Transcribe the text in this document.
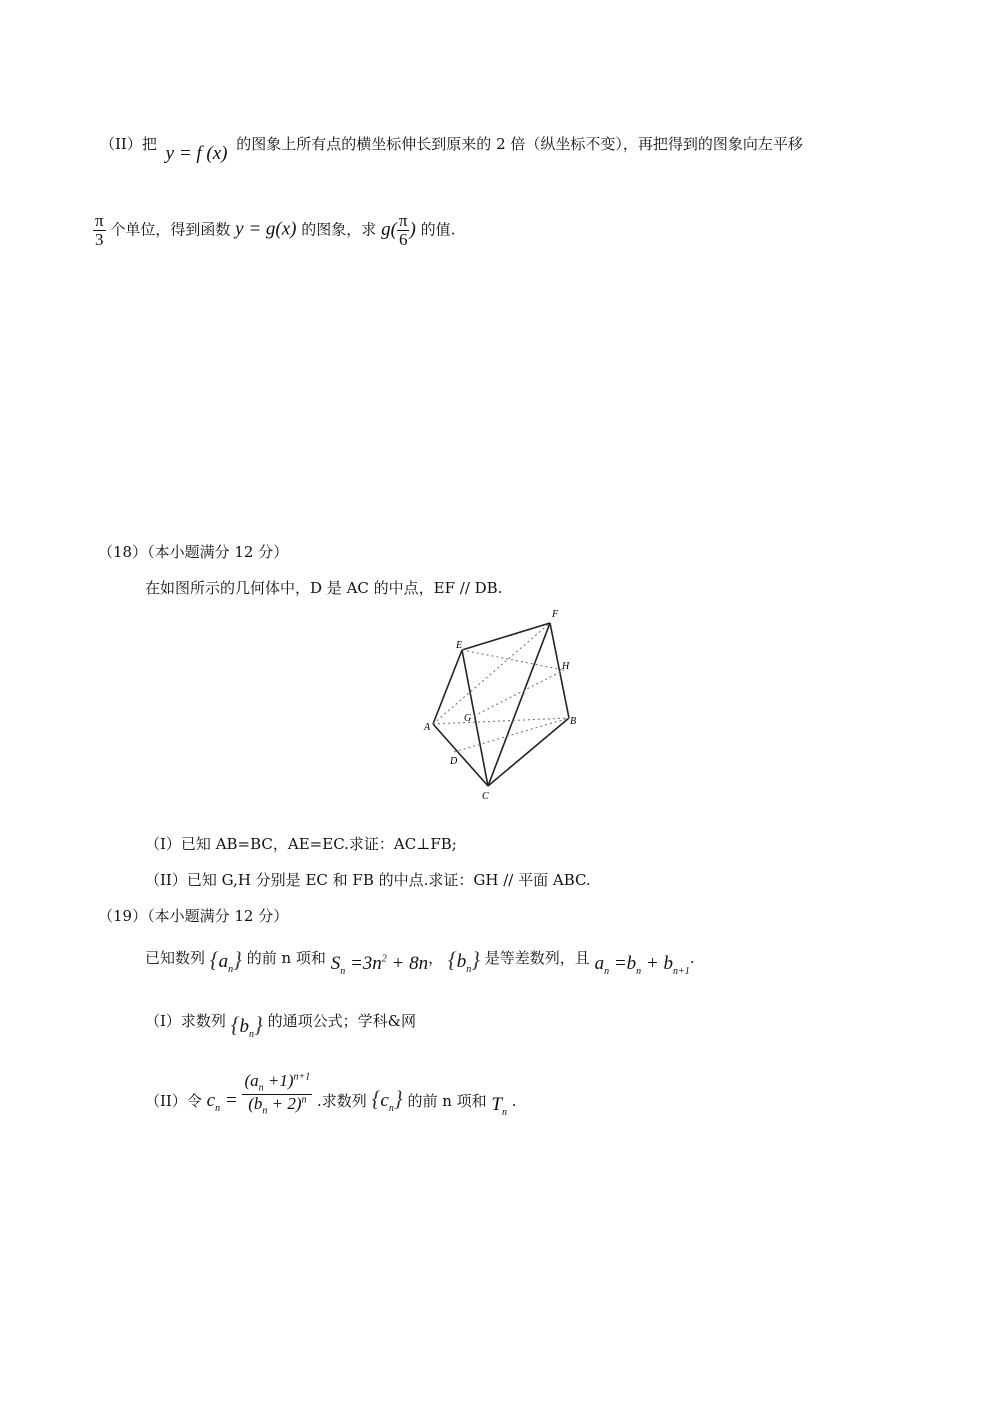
（II）把 y = f (x) 的图象上所有点的横坐标伸长到原来的 2 倍（纵坐标不变），再把得到的图象向左平移
$\frac{\pi}{3}$ 个单位，得到函数 y = g(x) 的图象，求 $g( \frac{\pi}{6}$ ) 的值.
（18）（本小题满分 12 分）
在如图所示的几何体中，D 是 AC 的中点，EF // DB.
E
F
H
A
G	B
D
C
（I）已知 AB=BC，AE=EC.求证：AC⊥FB;
（II）已知 G,H 分别是 EC 和 FB 的中点.求证：GH // 平面 ABC.
（19）（本小题满分 12 分）
已知数列 $\{a_n\}$ 的前 n 项和 $S_n =3n^2 + 8n$， $\{b_n\}$ 是等差数列，且 $a_n =b_n + b_{n+1}$.
（I）求数列 $\{b_n\}$ 的通项公式；学科&网
（II）令 $c_n = \frac{(a_n +1)^{n+1}}{(b_n + 2)^n}$ .求数列 $\{c_n\}$ 的前 n 项和 $T_n$ .
